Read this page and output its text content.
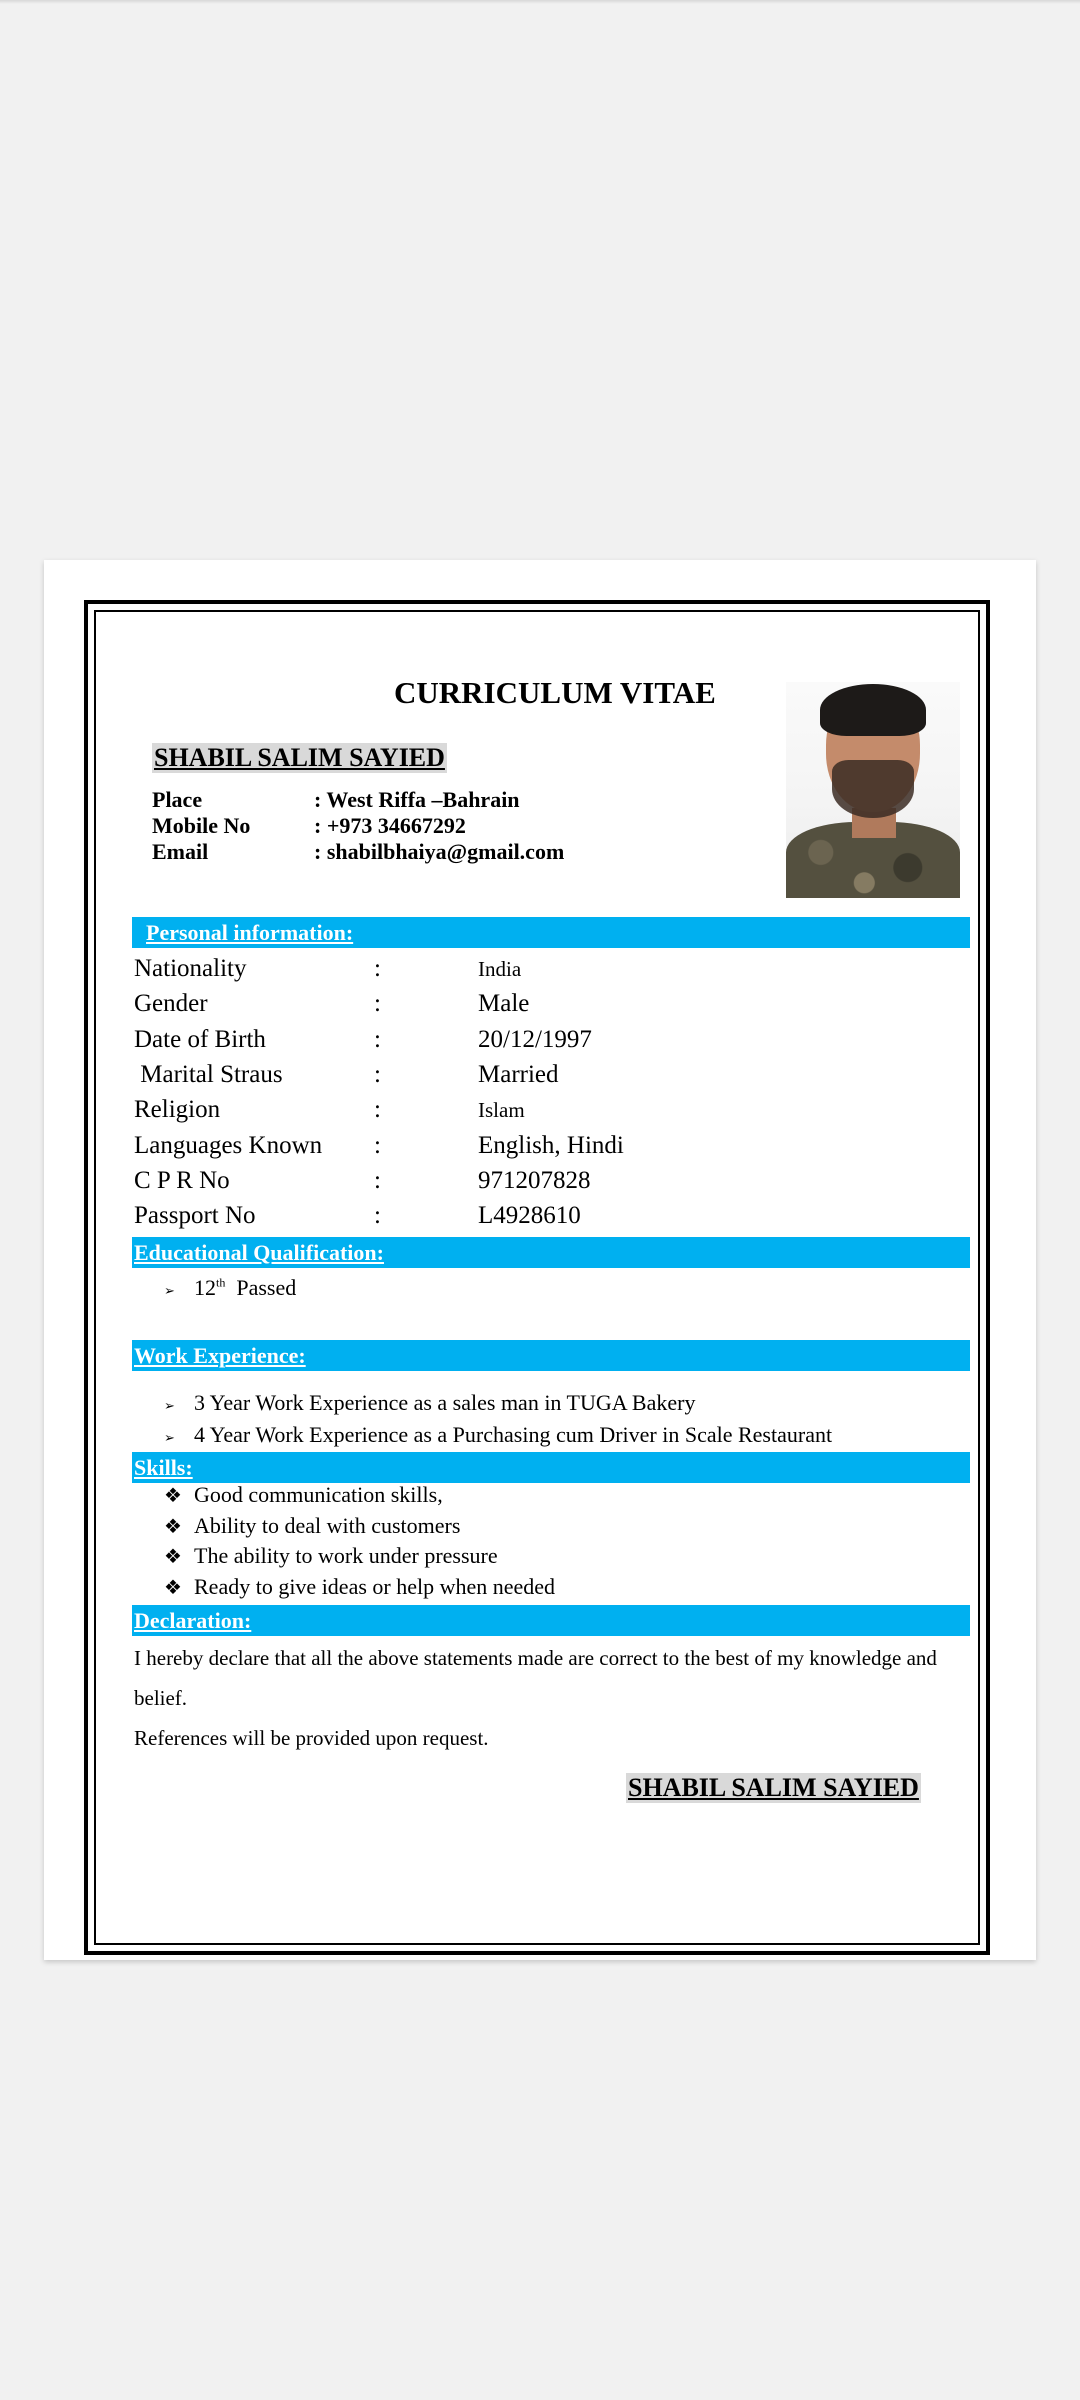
CURRICULUM VITAE
SHABIL SALIM SAYIED
Place	: West Riffa –Bahrain
Mobile No	: +973 34667292
Email	: shabilbhaiya@gmail.com
Personal information:
Nationality	:	India
Gender	:	Male
Date of Birth	:	20/12/1997
Marital Straus	:	Married
Religion	:	Islam
Languages Known :	English, Hindi
C P R No	:	971207828
Passport No	:	L4928610
Educational Qualification:
➢ 12th Passed
Work Experience:
➢ 3 Year Work Experience as a sales man in TUGA Bakery
➢ 4 Year Work Experience as a Purchasing cum Driver in Scale Restaurant
Skills:
❖ Good communication skills,
❖ Ability to deal with customers
❖ The ability to work under pressure
❖ Ready to give ideas or help when needed
Declaration:
I hereby declare that all the above statements made are correct to the best of my knowledge and belief.
References will be provided upon request.
SHABIL SALIM SAYIED
